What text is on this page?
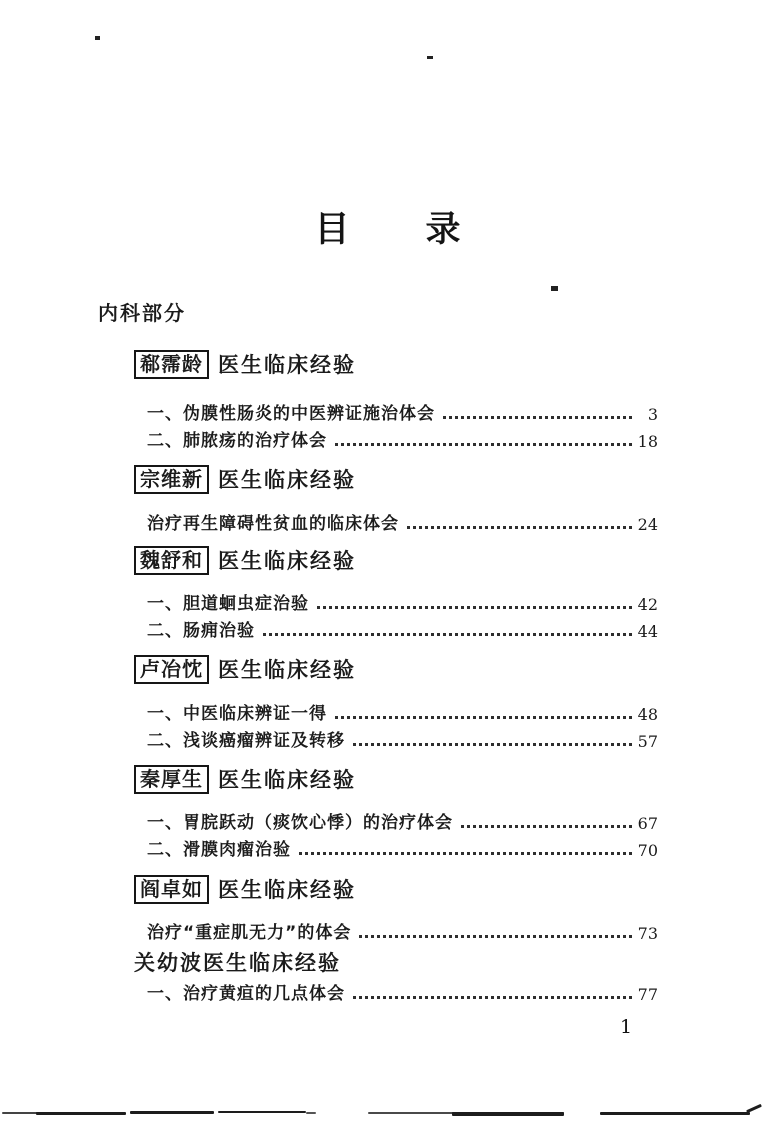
目　　录
内科部分
郗霈龄 医生临床经验
一、伪膜性肠炎的中医辨证施治体会	3
二、肺脓疡的治疗体会	18
宗维新 医生临床经验
治疗再生障碍性贫血的临床体会	24
魏舒和 医生临床经验
一、胆道蛔虫症治验	42
二、肠痈治验	44
卢冶忱 医生临床经验
一、中医临床辨证一得	48
二、浅谈癌瘤辨证及转移	57
秦厚生 医生临床经验
一、胃脘跃动（痰饮心悸）的治疗体会	67
二、滑膜肉瘤治验	70
阎卓如 医生临床经验
治疗“重症肌无力”的体会	73
关幼波 医生临床经验
一、治疗黄疸的几点体会	77
1
